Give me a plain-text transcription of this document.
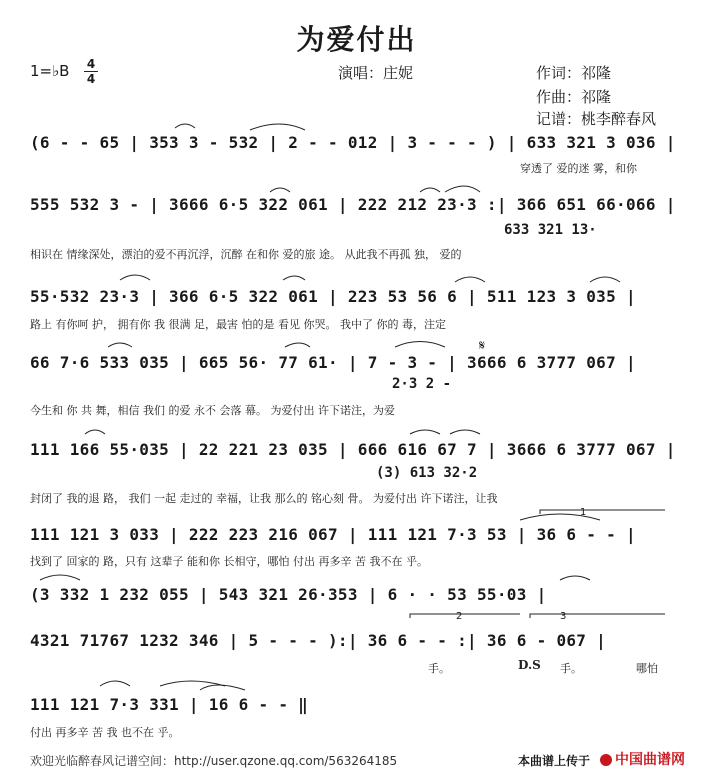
为爱付出
1=♭B 4
4	演唱：庄妮	作词：祁隆
作曲：祁隆
记谱：桃李醉春风
(6 - - 65 | 353 3 - 532 | 2 - - 012 | 3 - - - ) | 633 321 3 036 |
穿透了 爱的迷 雾，和你
555 532 3 - | 3666 6·5 322 061 | 222 212 23·3 :| 366 651 66·066 |
633 321 13·
相识在 情缘深处，漂泊的爱不再沉浮，沉醉 在和你 爱的旅 途。 从此我不再孤 独， 爱的
55·532 23·3 | 366 6·5 322 061 | 223 53 56 6 | 511 123 3 035 |
路上 有你呵 护， 拥有你 我 很满 足，最害 怕的是 看见 你哭。 我中了 你的 毒，注定
66 7·6 533 035 | 665 56· 77 61· | 7 - 3 - | 3666 6 3777 067 |
2·3 2 -
今生和 你 共 舞，相信 我们 的爱 永不 会落 幕。 为爱付出 许下诺注，为爱
𝄋
111 166 55·035 | 22 221 23 035 | 666 616 67 7 | 3666 6 3777 067 |
(3) 613 32·2
封闭了 我的退 路， 我们 一起 走过的 幸福，让我 那么的 铭心刻 骨。 为爱付出 许下诺注，让我
111 121 3 033 | 222 223 216 067 | 111 121 7·3 53 | 36 6 - - |
找到了 回家的 路，只有 这辈子 能和你 长相守，哪怕 付出 再多辛 苦 我不在 乎。
1
(3 332 1 232 055 | 543 321 26·353 | 6 · · 53 55·03 |
4321 71767 1232 346 | 5 - - - ):| 36 6 - - :| 36 6 - 067 |
手。	D.S 手。	哪怕
2	3
111 121 7·3 331 | 16 6 - - ‖
付出 再多辛 苦 我 也不在 乎。
欢迎光临醉春风记谱空间：http://user.qzone.qq.com/563264185	本曲谱上传于	中国曲谱网
